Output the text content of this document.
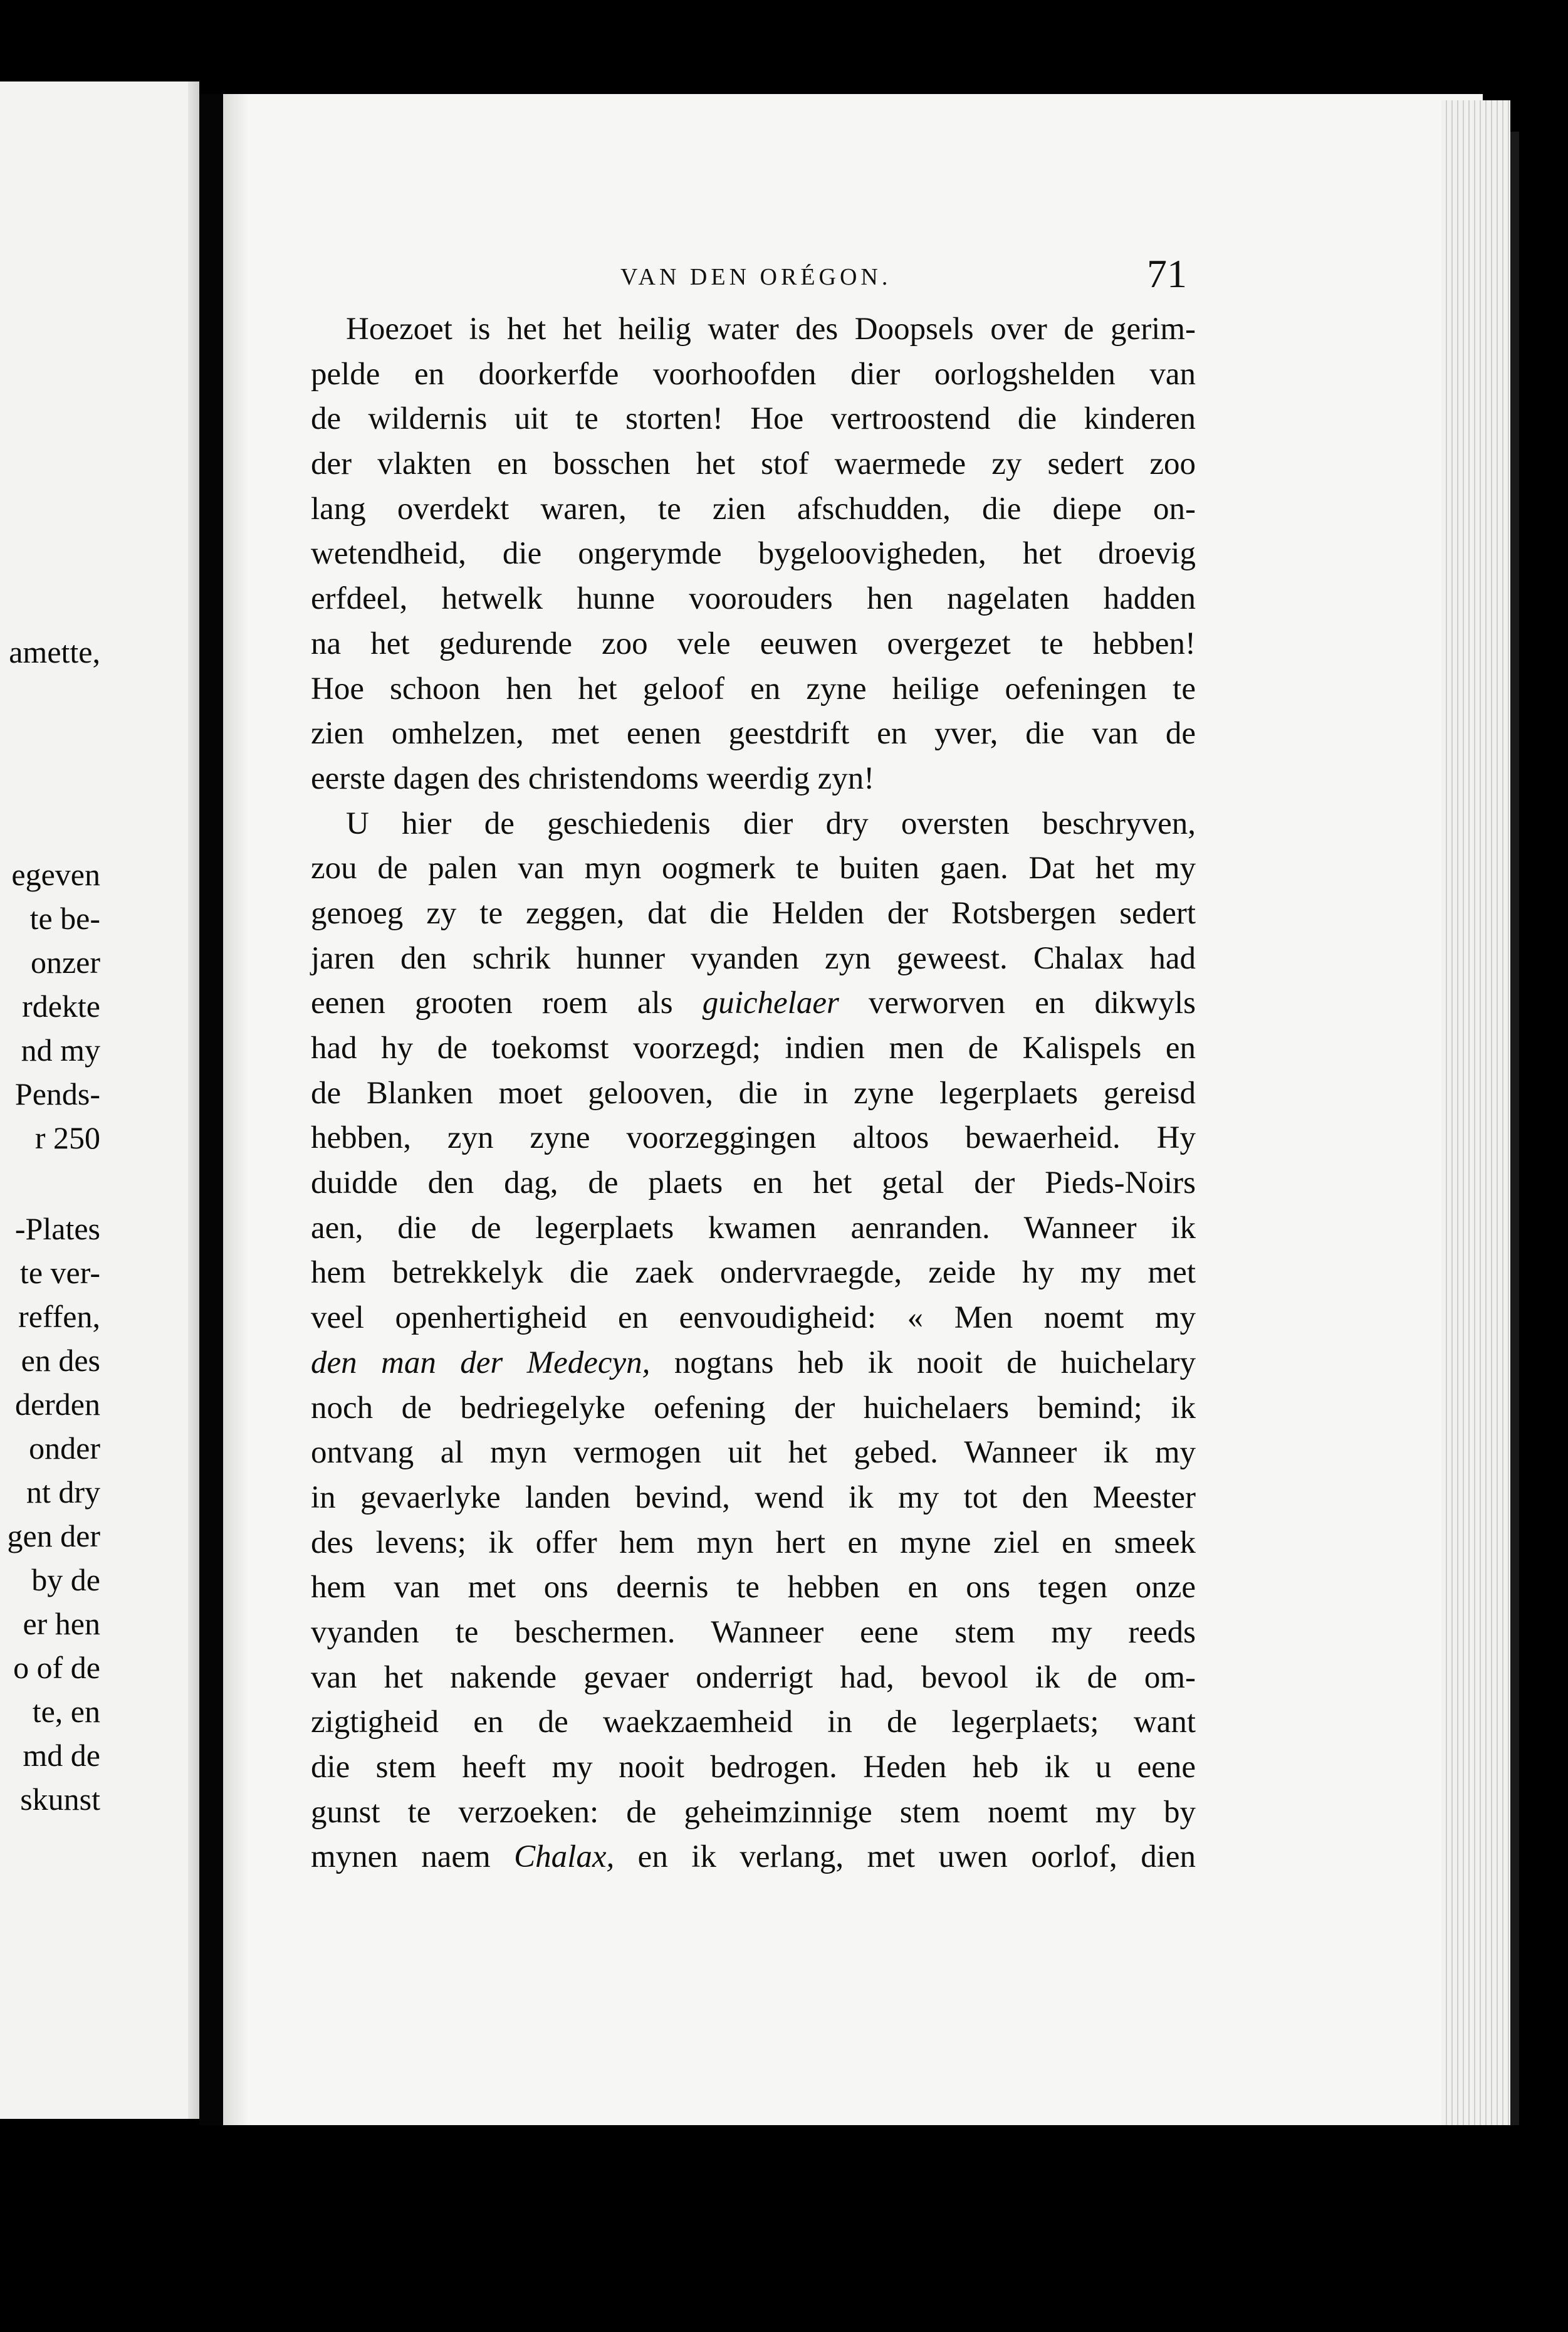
amette,
egeven
te be-
onzer
rdekte
nd my
Pends-
r 250
-Plates
te ver-
reffen,
en des
derden
onder
nt dry
gen der
by de
er hen
o of de
te, en
md de
skunst
VAN DEN ORÉGON.	71
Hoezoet is het het heilig water des Doopsels over de gerim-
pelde en doorkerfde voorhoofden dier oorlogshelden van
de wildernis uit te storten! Hoe vertroostend die kinderen
der vlakten en bosschen het stof waermede zy sedert zoo
lang overdekt waren, te zien afschudden, die diepe on-
wetendheid, die ongerymde bygeloovigheden, het droevig
erfdeel, hetwelk hunne voorouders hen nagelaten hadden
na het gedurende zoo vele eeuwen overgezet te hebben!
Hoe schoon hen het geloof en zyne heilige oefeningen te
zien omhelzen, met eenen geestdrift en yver, die van de
eerste dagen des christendoms weerdig zyn!
U hier de geschiedenis dier dry oversten beschryven,
zou de palen van myn oogmerk te buiten gaen. Dat het my
genoeg zy te zeggen, dat die Helden der Rotsbergen sedert
jaren den schrik hunner vyanden zyn geweest. Chalax had
eenen grooten roem als guichelaer verworven en dikwyls
had hy de toekomst voorzegd; indien men de Kalispels en
de Blanken moet gelooven, die in zyne legerplaets gereisd
hebben, zyn zyne voorzeggingen altoos bewaerheid. Hy
duidde den dag, de plaets en het getal der Pieds-Noirs
aen, die de legerplaets kwamen aenranden. Wanneer ik
hem betrekkelyk die zaek ondervraegde, zeide hy my met
veel openhertigheid en eenvoudigheid: « Men noemt my
den man der Medecyn, nogtans heb ik nooit de huichelary
noch de bedriegelyke oefening der huichelaers bemind; ik
ontvang al myn vermogen uit het gebed. Wanneer ik my
in gevaerlyke landen bevind, wend ik my tot den Meester
des levens; ik offer hem myn hert en myne ziel en smeek
hem van met ons deernis te hebben en ons tegen onze
vyanden te beschermen. Wanneer eene stem my reeds
van het nakende gevaer onderrigt had, bevool ik de om-
zigtigheid en de waekzaemheid in de legerplaets; want
die stem heeft my nooit bedrogen. Heden heb ik u eene
gunst te verzoeken: de geheimzinnige stem noemt my by
mynen naem Chalax, en ik verlang, met uwen oorlof, dien
